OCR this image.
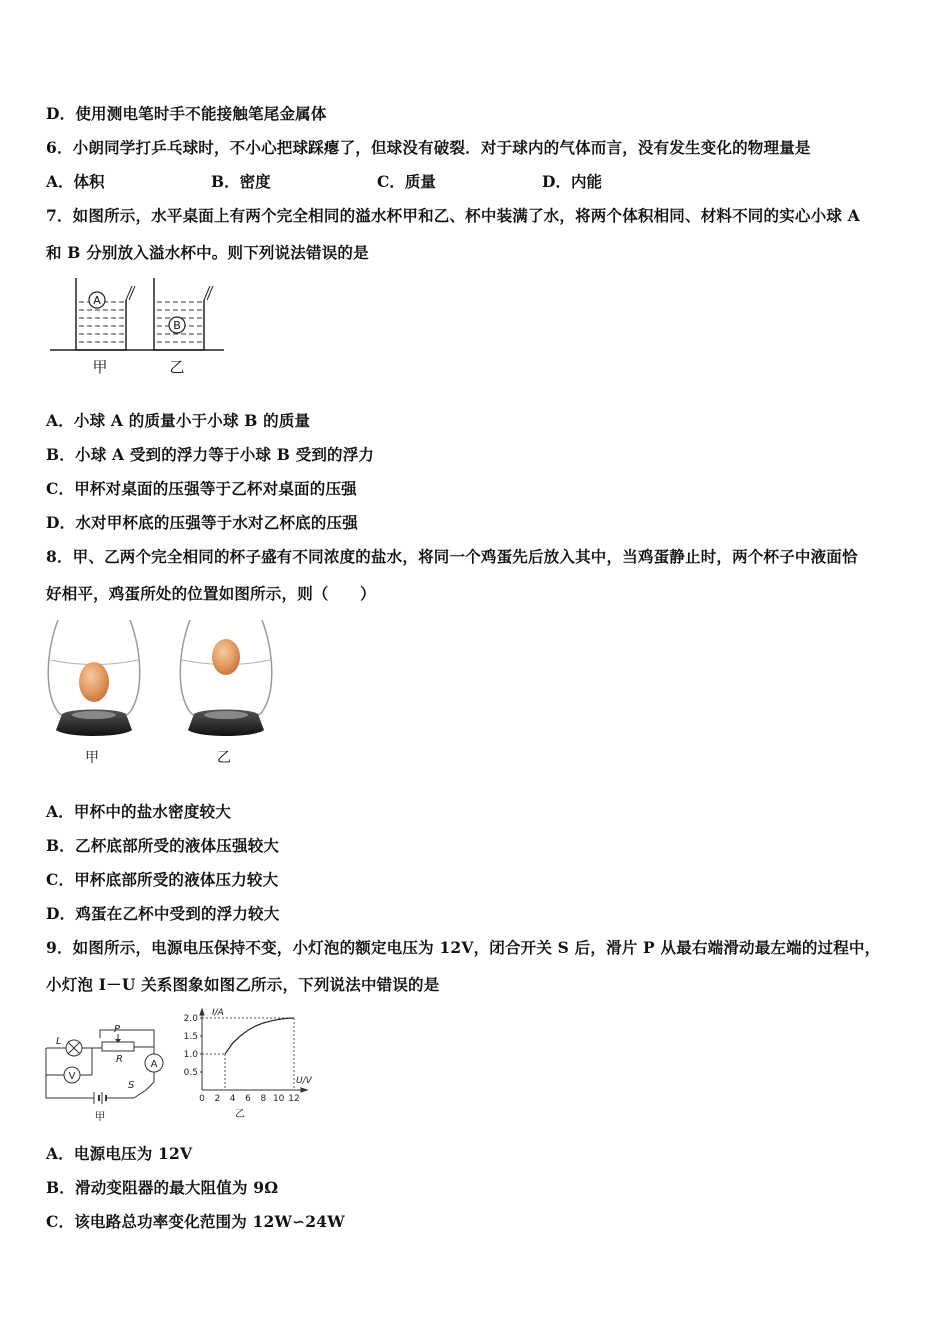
D．使用测电笔时手不能接触笔尾金属体
6．小朗同学打乒乓球时，不小心把球踩瘪了，但球没有破裂．对于球内的气体而言，没有发生变化的物理量是
A．体积	B．密度	C．质量	D．内能
7．如图所示，水平桌面上有两个完全相同的溢水杯甲和乙、杯中装满了水，将两个体积相同、材料不同的实心小球 A
和 B 分别放入溢水杯中。则下列说法错误的是
A
B
甲	乙
A．小球 A 的质量小于小球 B 的质量
B．小球 A 受到的浮力等于小球 B 受到的浮力
C．甲杯对桌面的压强等于乙杯对桌面的压强
D．水对甲杯底的压强等于水对乙杯底的压强
8．甲、乙两个完全相同的杯子盛有不同浓度的盐水，将同一个鸡蛋先后放入其中，当鸡蛋静止时，两个杯子中液面恰
好相平，鸡蛋所处的位置如图所示，则（　　）
甲	乙
A．甲杯中的盐水密度较大
B．乙杯底部所受的液体压强较大
C．甲杯底部所受的液体压力较大
D．鸡蛋在乙杯中受到的浮力较大
9．如图所示，电源电压保持不变，小灯泡的额定电压为 12V，闭合开关 S 后，滑片 P 从最右端滑动最左端的过程中，
小灯泡 I－U 关系图象如图乙所示，下列说法中错误的是
L
P
R
S
V
A
甲
0.5
1.0
1.5
2.0
0 2 4 6 8 10 12
I/A
U/V
乙
A．电源电压为 12V
B．滑动变阻器的最大阻值为 9Ω
C．该电路总功率变化范围为 12W∽24W
